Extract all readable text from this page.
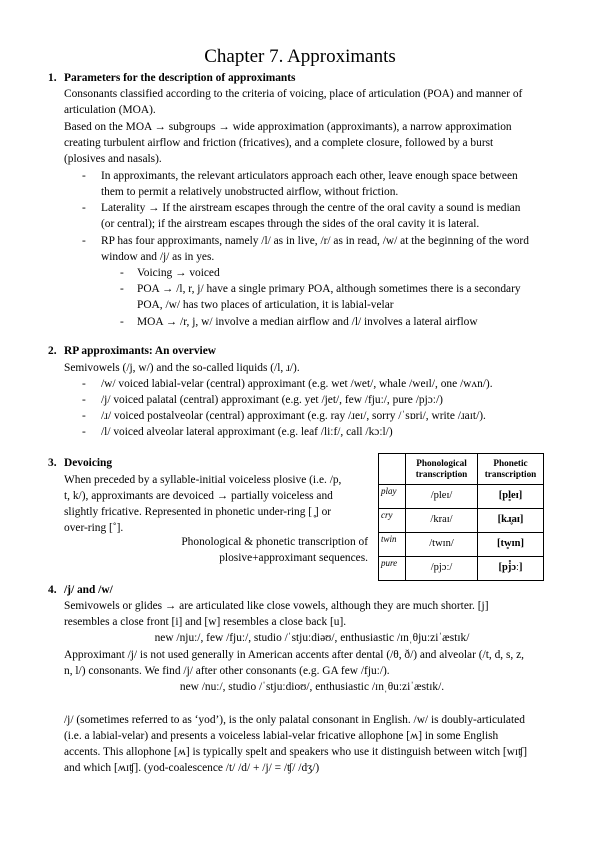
Chapter 7. Approximants
1. Parameters for the description of approximants
Consonants classified according to the criteria of voicing, place of articulation (POA) and manner of
articulation (MOA).
Based on the MOA → subgroups → wide approximation (approximants), a narrow approximation
creating turbulent airflow and friction (fricatives), and a complete closure, followed by a burst
(plosives and nasals).
- In approximants, the relevant articulators approach each other, leave enough space between
them to permit a relatively unobstructed airflow, without friction.
- Laterality → If the airstream escapes through the centre of the oral cavity a sound is median
(or central); if the airstream escapes through the sides of the oral cavity it is lateral.
- RP has four approximants, namely /l/ as in live, /r/ as in read, /w/ at the beginning of the word
window and /j/ as in yes.
- Voicing → voiced
- POA → /l, r, j/ have a single primary POA, although sometimes there is a secondary
POA, /w/ has two places of articulation, it is labial-velar
- MOA → /r, j, w/ involve a median airflow and /l/ involves a lateral airflow
2. RP approximants: An overview
Semivowels (/j, w/) and the so-called liquids (/l, ɹ/).
- /w/ voiced labial-velar (central) approximant (e.g. wet /wet/, whale /weɪl/, one /wʌn/).
- /j/ voiced palatal (central) approximant (e.g. yet /jet/, few /fjuː/, pure /pjɔː/)
- /ɹ/ voiced postalveolar (central) approximant (e.g. ray /ɹeɪ/, sorry /ˈsɒri/, write /ɹaɪt/).
- /l/ voiced alveolar lateral approximant (e.g. leaf /liːf/, call /kɔːl/)
3. Devoicing
When preceded by a syllable-initial voiceless plosive (i.e. /p,
t, k/), approximants are devoiced → partially voiceless and
slightly fricative. Represented in phonetic under-ring [ ̥] or
over-ring [˚].
Phonological & phonetic transcription of
plosive+approximant sequences.
	Phonological transcription	Phonetic transcription
play	/pleɪ/	[pl̥eɪ]
cry	/kraɪ/	[kɹ̥aɪ]
twin	/twɪn/	[tw̥ɪn]
pure	/pjɔː/	[pj̊ɔː]
4. /j/ and /w/
Semivowels or glides → are articulated like close vowels, although they are much shorter. [j]
resembles a close front [i] and [w] resembles a close back [u].
new /njuː/, few /fjuː/, studio /ˈstjuːdiəʊ/, enthusiastic /ɪnˌθjuːziˈæstɪk/
Approximant /j/ is not used generally in American accents after dental (/θ, ð/) and alveolar (/t, d, s, z,
n, l/) consonants. We find /j/ after other consonants (e.g. GA few /fjuː/).
new /nuː/, studio /ˈstjuːdioʊ/, enthusiastic /ɪnˌθuːziˈæstɪk/.
/j/ (sometimes referred to as ‘yod’), is the only palatal consonant in English. /w/ is doubly-articulated
(i.e. a labial-velar) and presents a voiceless labial-velar fricative allophone [ʍ] in some English
accents. This allophone [ʍ] is typically spelt and speakers who use it distinguish between witch [wɪʧ]
and which [ʍɪʧ]. (yod-coalescence /t/ /d/ + /j/ = /ʧ/ /dʒ/)
